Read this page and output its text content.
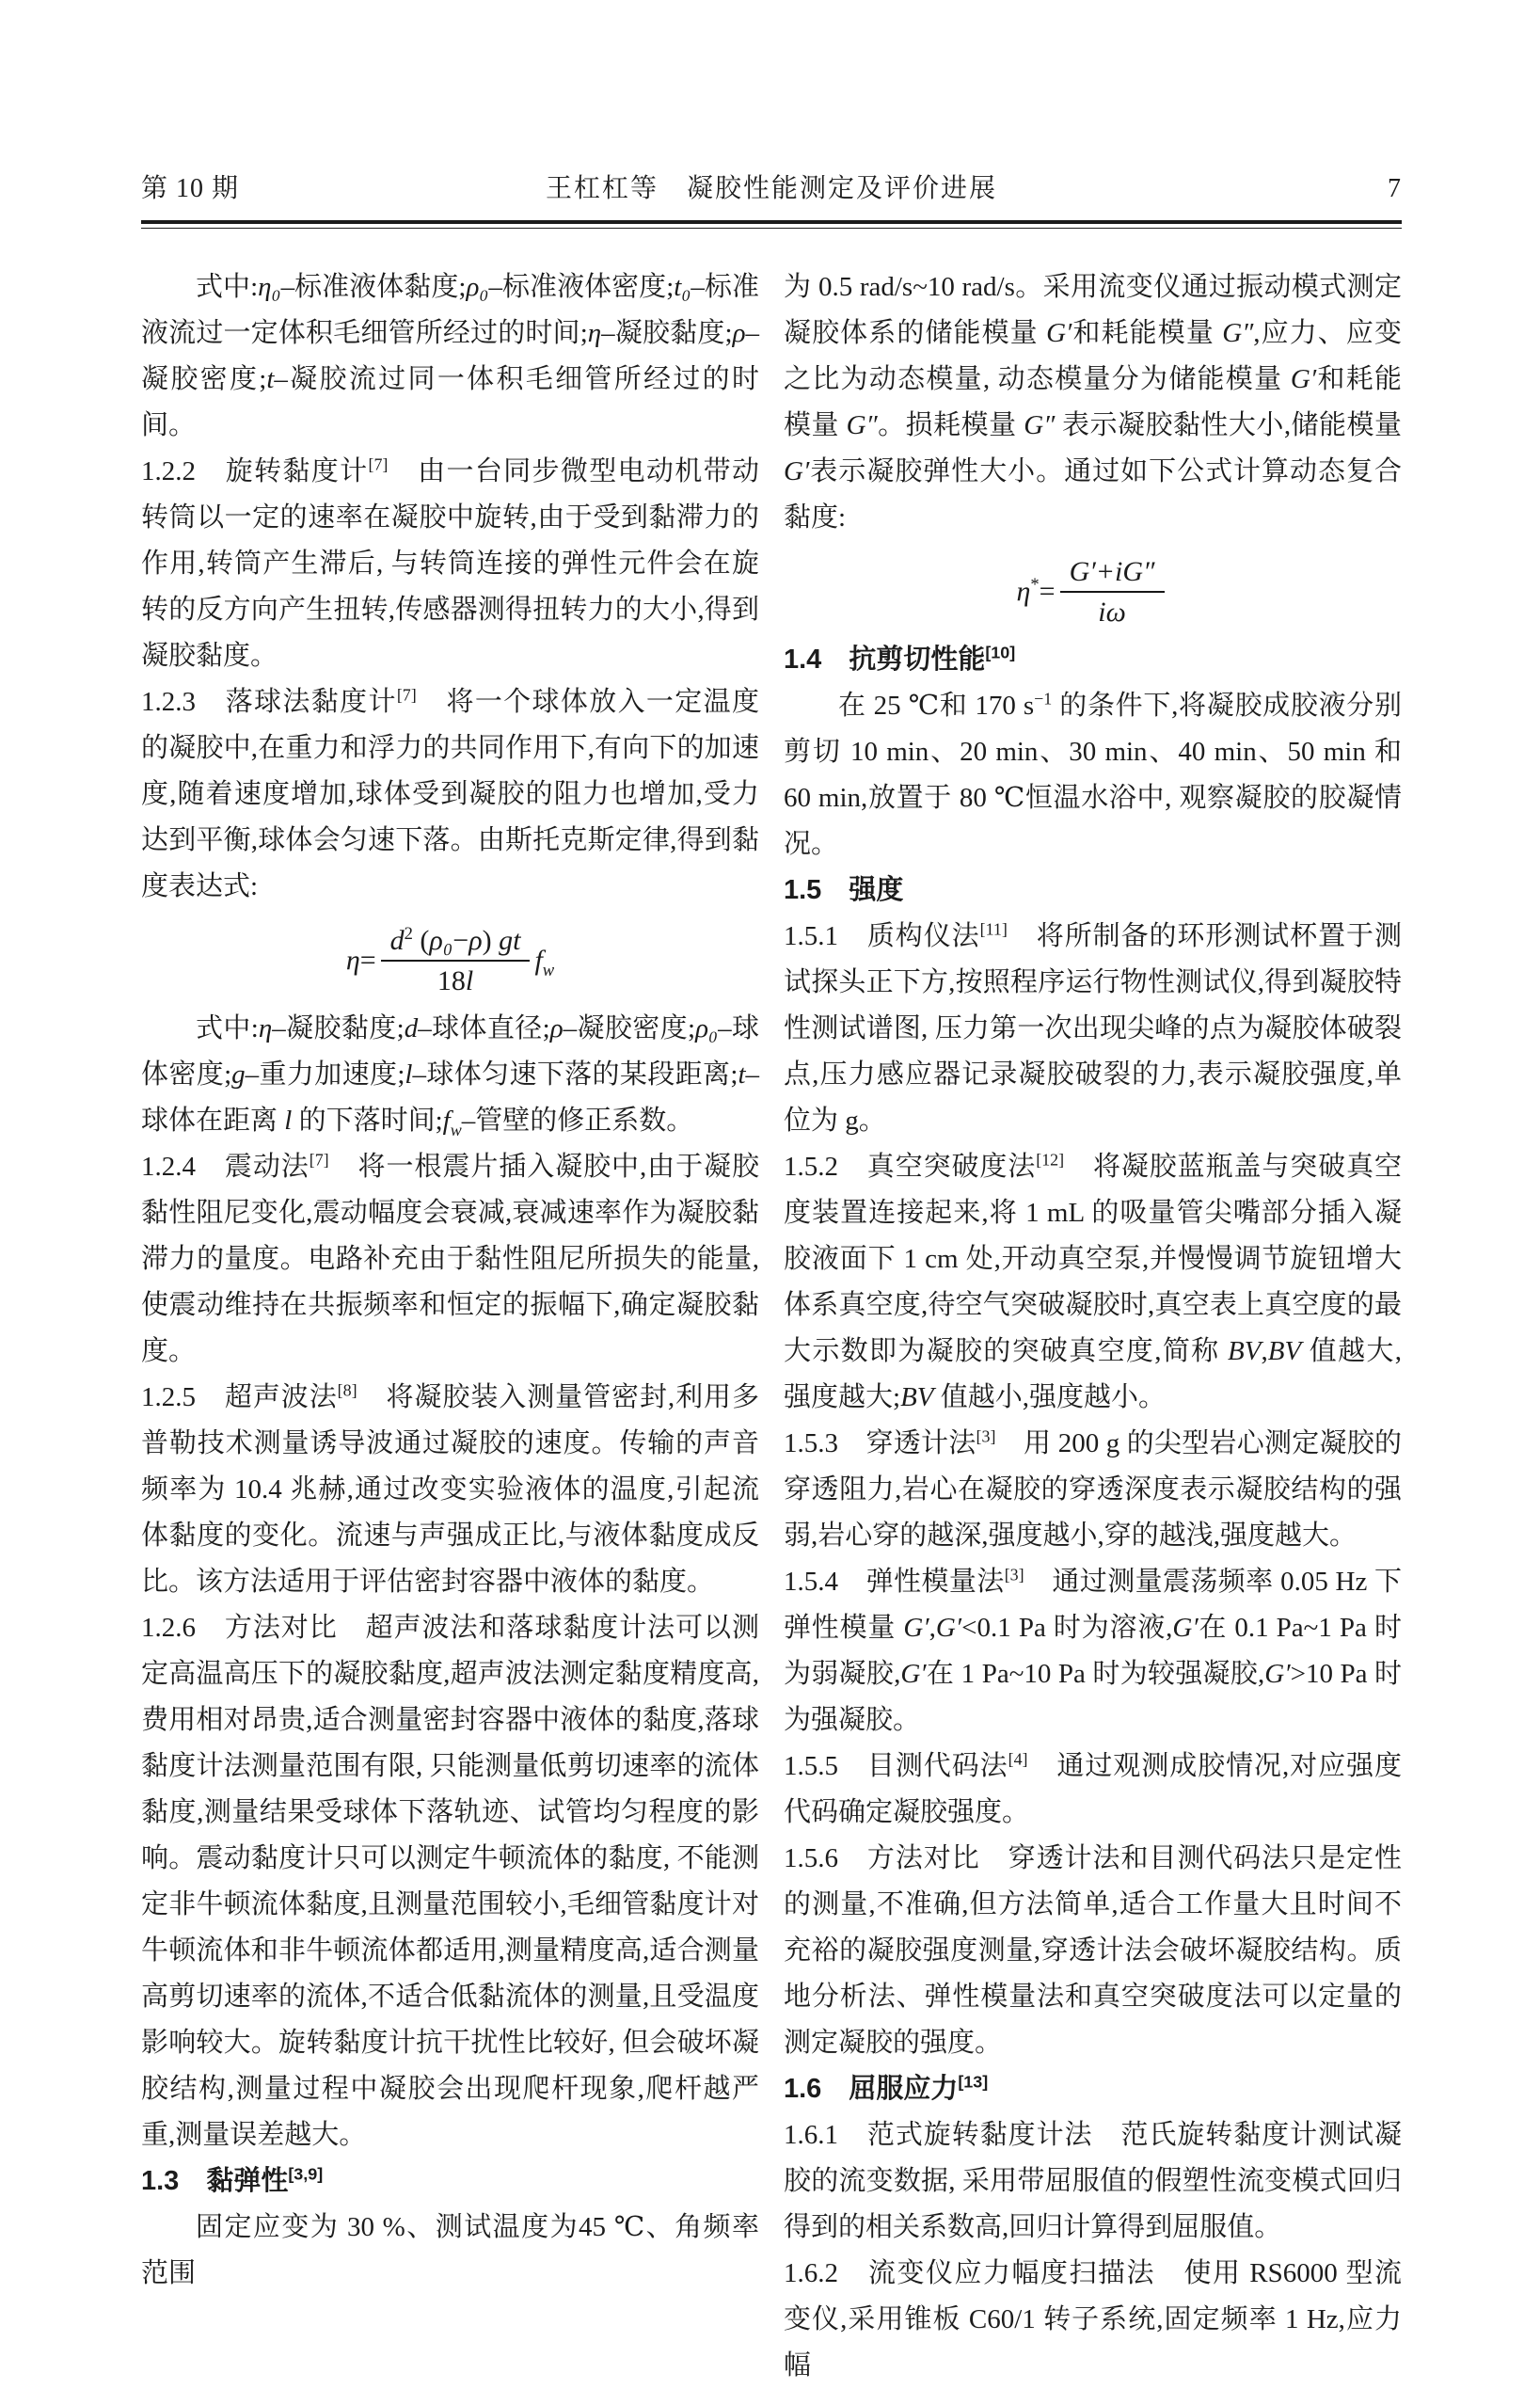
第 10 期	王杠杠等　凝胶性能测定及评价进展	7

式中:η₀–标准液体黏度;ρ₀–标准液体密度;t₀–标准液流过一定体积毛细管所经过的时间;η–凝胶黏度;ρ–凝胶密度;t–凝胶流过同一体积毛细管所经过的时间。

1.2.2　旋转黏度计[7]　由一台同步微型电动机带动转筒以一定的速率在凝胶中旋转,由于受到黏滞力的作用,转筒产生滞后, 与转筒连接的弹性元件会在旋转的反方向产生扭转,传感器测得扭转力的大小,得到凝胶黏度。

1.2.3　落球法黏度计[7]　将一个球体放入一定温度的凝胶中,在重力和浮力的共同作用下,有向下的加速度,随着速度增加,球体受到凝胶的阻力也增加,受力达到平衡,球体会匀速下落。由斯托克斯定律,得到黏度表达式:

$\eta= \frac{d^2 (\rho_0-\rho) gt}{18l} f_w$

式中:η–凝胶黏度;d–球体直径;ρ–凝胶密度;ρ₀–球体密度;g–重力加速度;l–球体匀速下落的某段距离;t–球体在距离 l 的下落时间$;f_w-$管壁的修正系数。

1.2.4　震动法[7]　将一根震片插入凝胶中,由于凝胶黏性阻尼变化,震动幅度会衰减,衰减速率作为凝胶黏滞力的量度。电路补充由于黏性阻尼所损失的能量,使震动维持在共振频率和恒定的振幅下,确定凝胶黏度。

1.2.5　超声波法[8]　将凝胶装入测量管密封,利用多普勒技术测量诱导波通过凝胶的速度。传输的声音频率为 10.4 兆赫,通过改变实验液体的温度,引起流体黏度的变化。流速与声强成正比,与液体黏度成反比。该方法适用于评估密封容器中液体的黏度。

1.2.6　方法对比　超声波法和落球黏度计法可以测定高温高压下的凝胶黏度,超声波法测定黏度精度高,费用相对昂贵,适合测量密封容器中液体的黏度,落球黏度计法测量范围有限, 只能测量低剪切速率的流体黏度,测量结果受球体下落轨迹、试管均匀程度的影响。震动黏度计只可以测定牛顿流体的黏度, 不能测定非牛顿流体黏度,且测量范围较小,毛细管黏度计对牛顿流体和非牛顿流体都适用,测量精度高,适合测量高剪切速率的流体,不适合低黏流体的测量,且受温度影响较大。旋转黏度计抗干扰性比较好, 但会破坏凝胶结构,测量过程中凝胶会出现爬杆现象,爬杆越严重,测量误差越大。

1.3　黏弹性[3,9]

固定应变为 30 %、测试温度为45 ℃、角频率范围

为 0.5 rad/s~10 rad/s。采用流变仪通过振动模式测定凝胶体系的储能模量 G′和耗能模量 G″,应力、应变之比为动态模量, 动态模量分为储能模量 G′和耗能模量 G″。损耗模量 G″ 表示凝胶黏性大小,储能模量 G′表示凝胶弹性大小。通过如下公式计算动态复合黏度:

$\eta^*= \frac{G'+iG''}{i\omega}$
1.4　抗剪切性能[10]

在 25 ℃和 170 $s^{-1}$ 的条件下,将凝胶成胶液分别剪切 10 min、20 min、30 min、40 min、50 min 和 60 min,放置于 80 ℃恒温水浴中, 观察凝胶的胶凝情况。

1.5　强度

1.5.1　质构仪法[11]　将所制备的环形测试杯置于测试探头正下方,按照程序运行物性测试仪,得到凝胶特性测试谱图, 压力第一次出现尖峰的点为凝胶体破裂点,压力感应器记录凝胶破裂的力,表示凝胶强度,单位为 g。

1.5.2　真空突破度法[12]　将凝胶蓝瓶盖与突破真空度装置连接起来,将 1 mL 的吸量管尖嘴部分插入凝胶液面下 1 cm 处,开动真空泵,并慢慢调节旋钮增大体系真空度,待空气突破凝胶时,真空表上真空度的最大示数即为凝胶的突破真空度,简称 BV,BV 值越大,强度越大;BV 值越小,强度越小。

1.5.3　穿透计法[3]　用 200 g 的尖型岩心测定凝胶的穿透阻力,岩心在凝胶的穿透深度表示凝胶结构的强弱,岩心穿的越深,强度越小,穿的越浅,强度越大。

1.5.4　弹性模量法[3]　通过测量震荡频率 0.05 Hz 下弹性模量 G′,G′<0.1 Pa 时为溶液,G′在 0.1 Pa~1 Pa 时为弱凝胶,G′在 1 Pa~10 Pa 时为较强凝胶,G′>10 Pa 时为强凝胶。

1.5.5　目测代码法[4]　通过观测成胶情况,对应强度代码确定凝胶强度。

1.5.6　方法对比　穿透计法和目测代码法只是定性的测量,不准确,但方法简单,适合工作量大且时间不充裕的凝胶强度测量,穿透计法会破坏凝胶结构。质地分析法、弹性模量法和真空突破度法可以定量的测定凝胶的强度。

1.6　屈服应力[13]

1.6.1　范式旋转黏度计法　范氏旋转黏度计测试凝胶的流变数据, 采用带屈服值的假塑性流变模式回归得到的相关系数高,回归计算得到屈服值。

1.6.2　流变仪应力幅度扫描法　使用 RS6000 型流变仪,采用锥板 C60/1 转子系统,固定频率 1 Hz,应力幅
